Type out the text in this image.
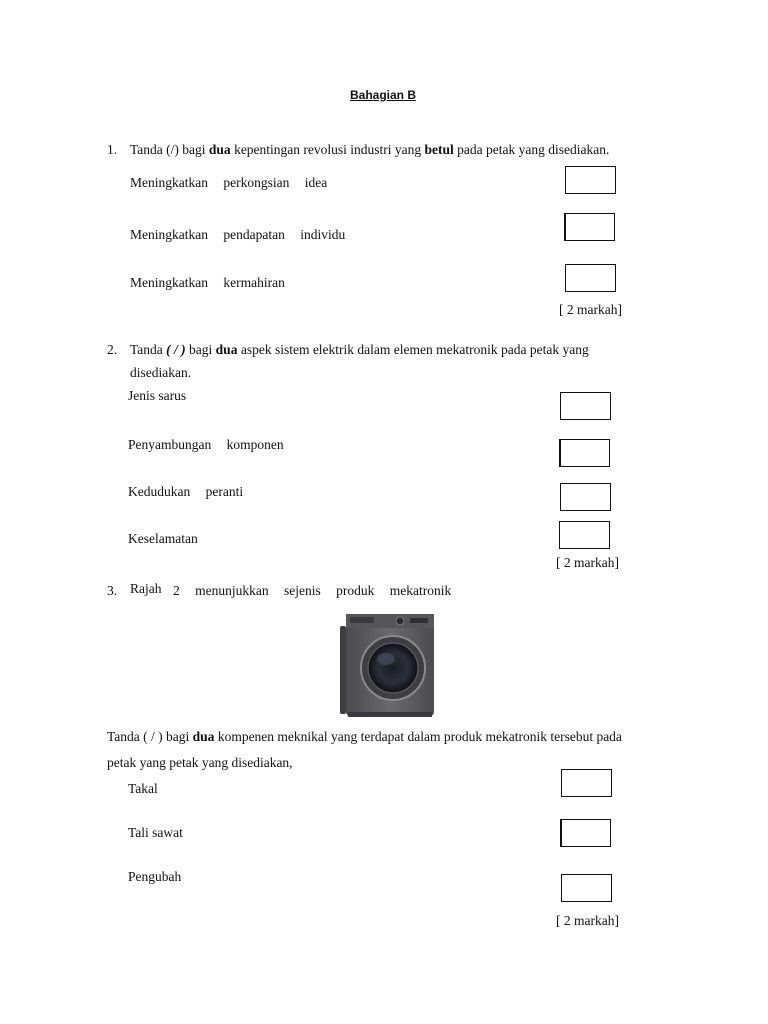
Bahagian B
1. Tanda (/) bagi dua kepentingan revolusi industri yang betul pada petak yang disediakan.
Meningkatkan perkongsian idea
Meningkatkan pendapatan individu
Meningkatkan kermahiran
[ 2 markah]
2. Tanda ( / ) bagi dua aspek sistem elektrik dalam elemen mekatronik pada petak yang
disediakan.
Jenis sarus
Penyambungan komponen
Kedudukan peranti
Keselamatan
[ 2 markah]
3. Rajah 2 menunjukkan sejenis produk mekatronik
Tanda ( / ) bagi dua kompenen meknikal yang terdapat dalam produk mekatronik tersebut pada
petak yang petak yang disediakan,
Takal
Tali sawat
Pengubah
[ 2 markah]
